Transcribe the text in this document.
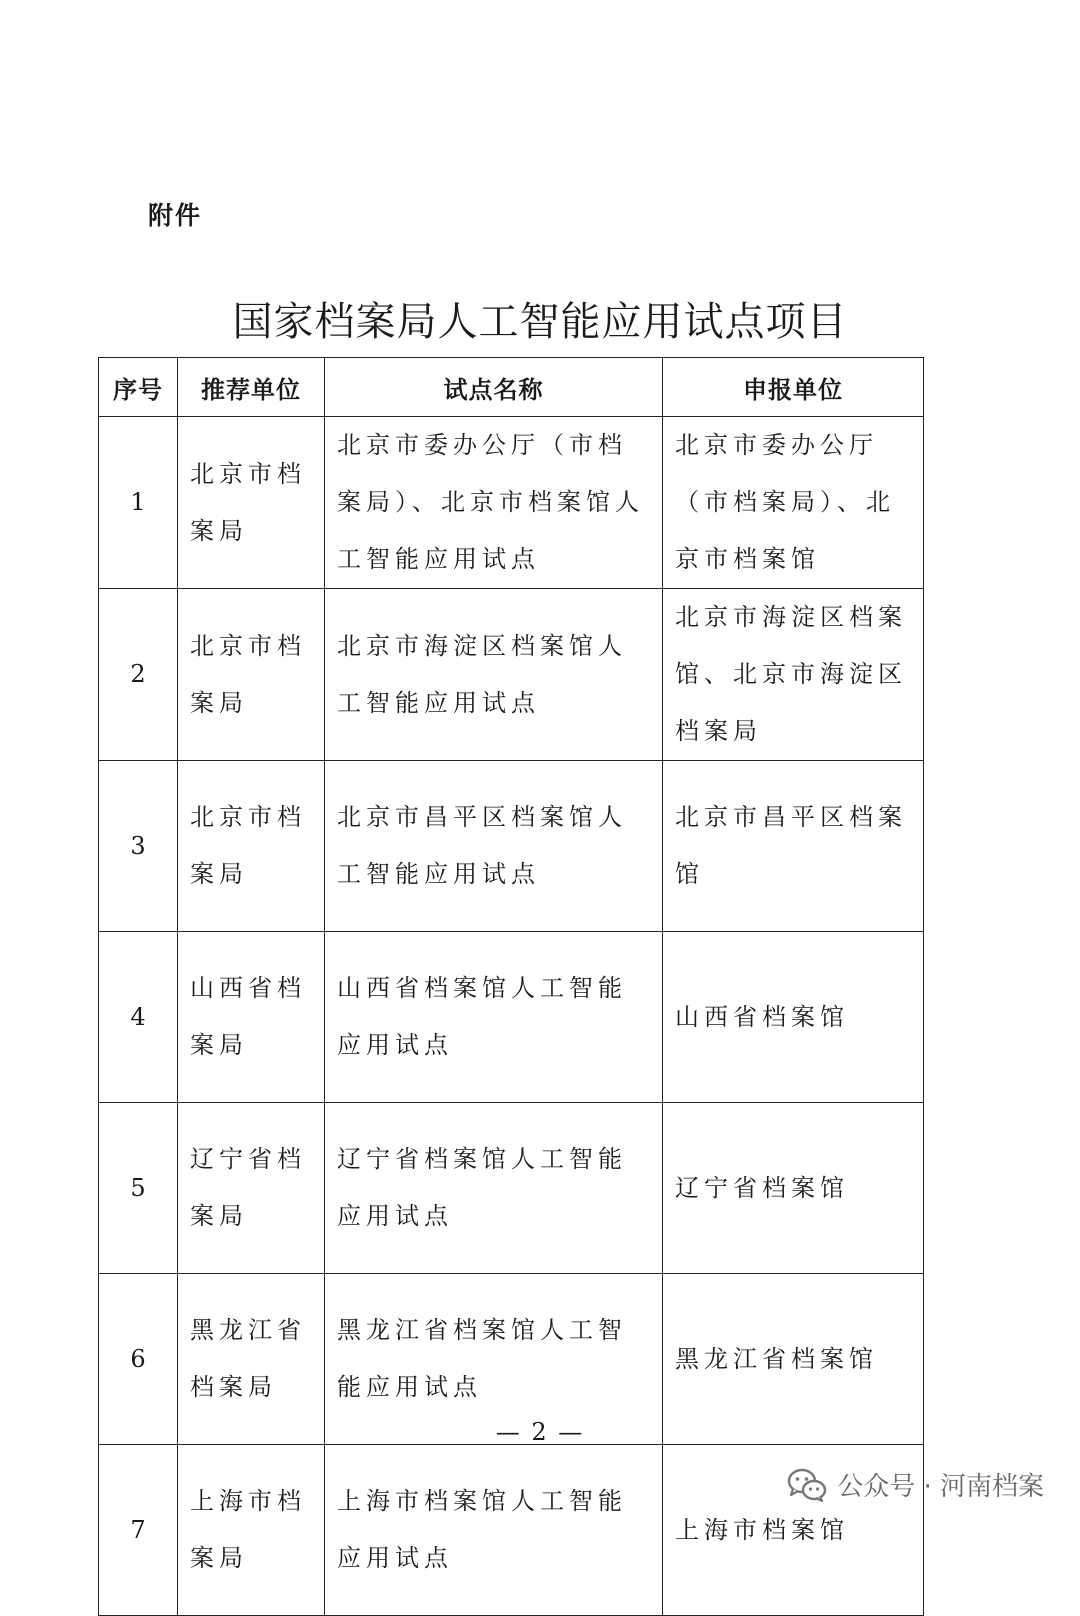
附件
国家档案局人工智能应用试点项目
序号	推荐单位	试点名称	申报单位
1	北京市档案局	北京市委办公厅（市档案局）、北京市档案馆人工智能应用试点	北京市委办公厅（市档案局）、北京市档案馆
2	北京市档案局	北京市海淀区档案馆人工智能应用试点	北京市海淀区档案馆、北京市海淀区档案局
3	北京市档案局	北京市昌平区档案馆人工智能应用试点	北京市昌平区档案馆
4	山西省档案局	山西省档案馆人工智能应用试点	山西省档案馆
5	辽宁省档案局	辽宁省档案馆人工智能应用试点	辽宁省档案馆
6	黑龙江省档案局	黑龙江省档案馆人工智能应用试点	黑龙江省档案馆
7	上海市档案局	上海市档案馆人工智能应用试点	上海市档案馆
— 2 —
公众号 · 河南档案
